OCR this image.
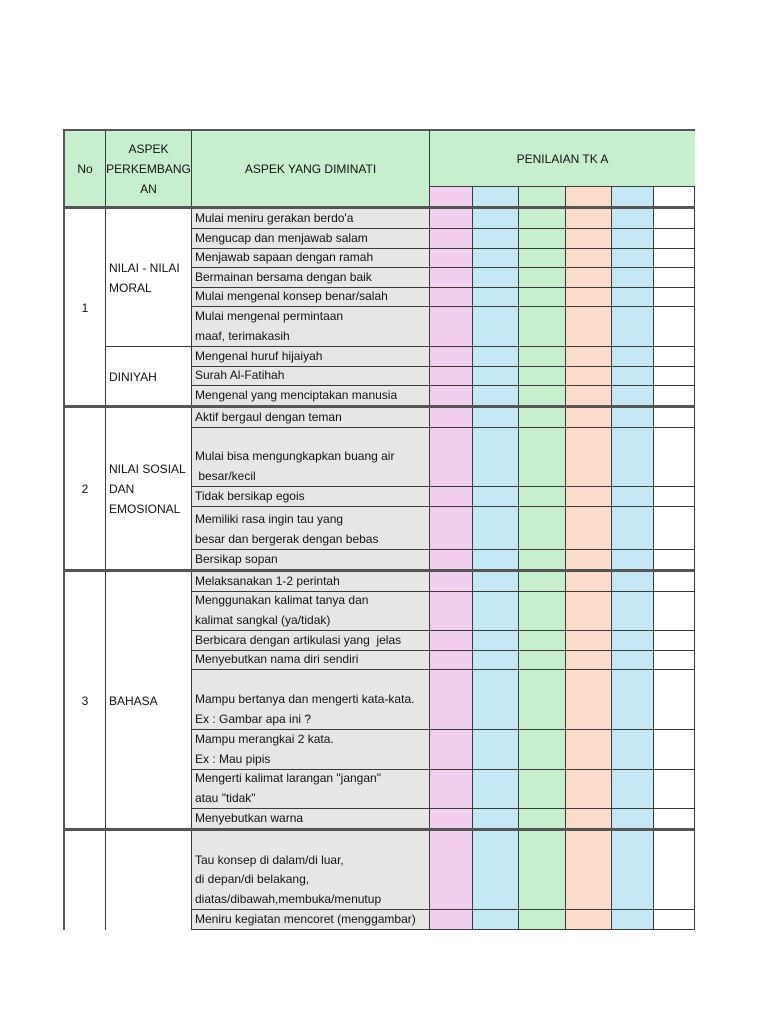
No
ASPEK
PERKEMBANG
AN
ASPEK YANG DIMINATI
PENILAIAN TK A
Mulai meniru gerakan berdo'a
Mengucap dan menjawab salam
Menjawab sapaan dengan ramah
Bermainan bersama dengan baik
Mulai mengenal konsep benar/salah
Mulai mengenal permintaan
maaf, terimakasih
NILAI - NILAI
MORAL
Mengenal huruf hijaiyah
Surah Al-Fatihah
Mengenal yang menciptakan manusia
DINIYAH
1
Aktif bergaul dengan teman
Mulai bisa mengungkapkan buang air
besar/kecil
Tidak bersikap egois
Memiliki rasa ingin tau yang
besar dan bergerak dengan bebas
Bersikap sopan
NILAI SOSIAL
DAN
EMOSIONAL
2
Melaksanakan 1-2 perintah
Menggunakan kalimat tanya dan
kalimat sangkal (ya/tidak)
Berbicara dengan artikulasi yang  jelas
Menyebutkan nama diri sendiri
Mampu bertanya dan mengerti kata-kata.
Ex : Gambar apa ini ?
Mampu merangkai 2 kata.
Ex : Mau pipis
Mengerti kalimat larangan "jangan"
atau "tidak"
Menyebutkan warna
BAHASA
3
Tau konsep di dalam/di luar,
di depan/di belakang,
diatas/dibawah,membuka/menutup
Meniru kegiatan mencoret (menggambar)
